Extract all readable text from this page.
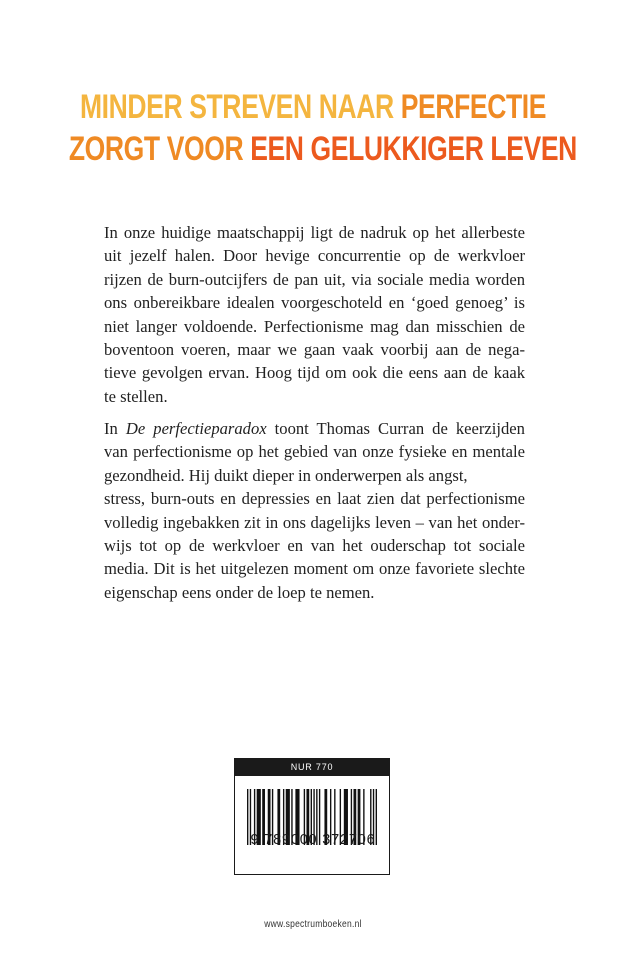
MINDER STREVEN NAAR PERFECTIE
ZORGT VOOR EEN GELUKKIGER LEVEN
In onze huidige maatschappij ligt de nadruk op het allerbeste
uit jezelf halen. Door hevige concurrentie op de werkvloer
rijzen de burn-outcijfers de pan uit, via sociale media worden
ons onbereikbare idealen voorgeschoteld en ‘goed genoeg’ is
niet langer voldoende. Perfectionisme mag dan misschien de
boventoon voeren, maar we gaan vaak voorbij aan de nega-
tieve gevolgen ervan. Hoog tijd om ook die eens aan de kaak
te stellen.
In De perfectieparadox toont Thomas Curran de keerzijden
van perfectionisme op het gebied van onze fysieke en mentale
gezondheid. Hij duikt dieper in onderwerpen als angst,
stress, burn-outs en depressies en laat zien dat perfectionisme
volledig ingebakken zit in ons dagelijks leven – van het onder-
wijs tot op de werkvloer en van het ouderschap tot sociale
media. Dit is het uitgelezen moment om onze favoriete slechte
eigenschap eens onder de loep te nemen.
NUR 770
9 789000 372706
www.spectrumboeken.nl
